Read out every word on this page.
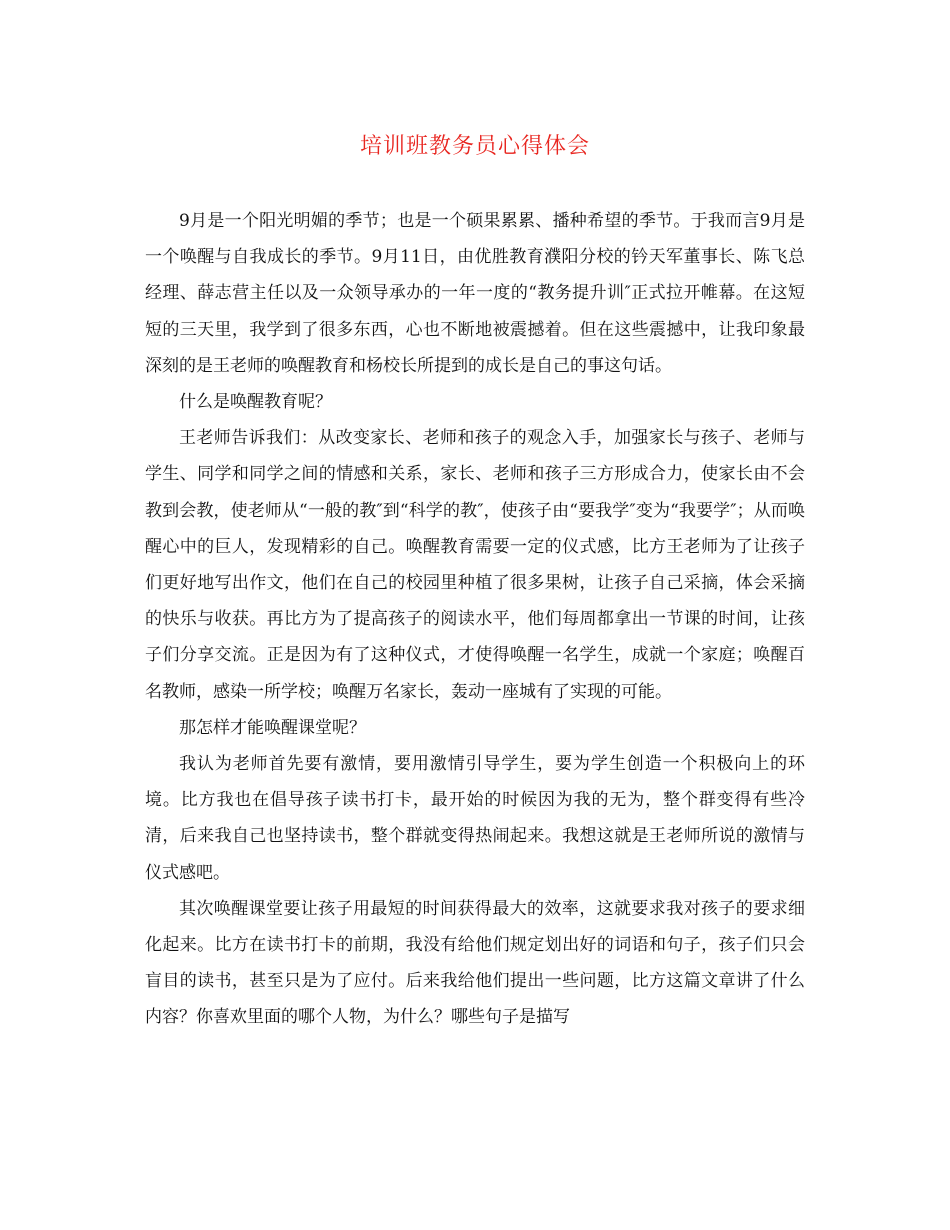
培训班教务员心得体会

9月是一个阳光明媚的季节；也是一个硕果累累、播种希望的季节。于我而言9月是一个唤醒与自我成长的季节。9月11日，由优胜教育濮阳分校的钤天军董事长、陈飞总经理、薛志营主任以及一众领导承办的一年一度的“教务提升训″正式拉开帷幕。在这短短的三天里，我学到了很多东西，心也不断地被震撼着。但在这些震撼中，让我印象最深刻的是王老师的唤醒教育和杨校长所提到的成长是自己的事这句话。

什么是唤醒教育呢？

王老师告诉我们：从改变家长、老师和孩子的观念入手，加强家长与孩子、老师与学生、同学和同学之间的情感和关系，家长、老师和孩子三方形成合力，使家长由不会教到会教，使老师从“一般的教″到“科学的教″，使孩子由“要我学″变为“我要学″；从而唤醒心中的巨人，发现精彩的自己。唤醒教育需要一定的仪式感，比方王老师为了让孩子们更好地写出作文，他们在自己的校园里种植了很多果树，让孩子自己采摘，体会采摘的快乐与收获。再比方为了提高孩子的阅读水平，他们每周都拿出一节课的时间，让孩子们分享交流。正是因为有了这种仪式，才使得唤醒一名学生，成就一个家庭；唤醒百名教师，感染一所学校；唤醒万名家长，轰动一座城有了实现的可能。

那怎样才能唤醒课堂呢？

我认为老师首先要有激情，要用激情引导学生，要为学生创造一个积极向上的环境。比方我也在倡导孩子读书打卡，最开始的时候因为我的无为，整个群变得有些冷清，后来我自己也坚持读书，整个群就变得热闹起来。我想这就是王老师所说的激情与仪式感吧。

其次唤醒课堂要让孩子用最短的时间获得最大的效率，这就要求我对孩子的要求细化起来。比方在读书打卡的前期，我没有给他们规定划出好的词语和句子，孩子们只会盲目的读书，甚至只是为了应付。后来我给他们提出一些问题，比方这篇文章讲了什么内容？你喜欢里面的哪个人物，为什么？哪些句子是描写
